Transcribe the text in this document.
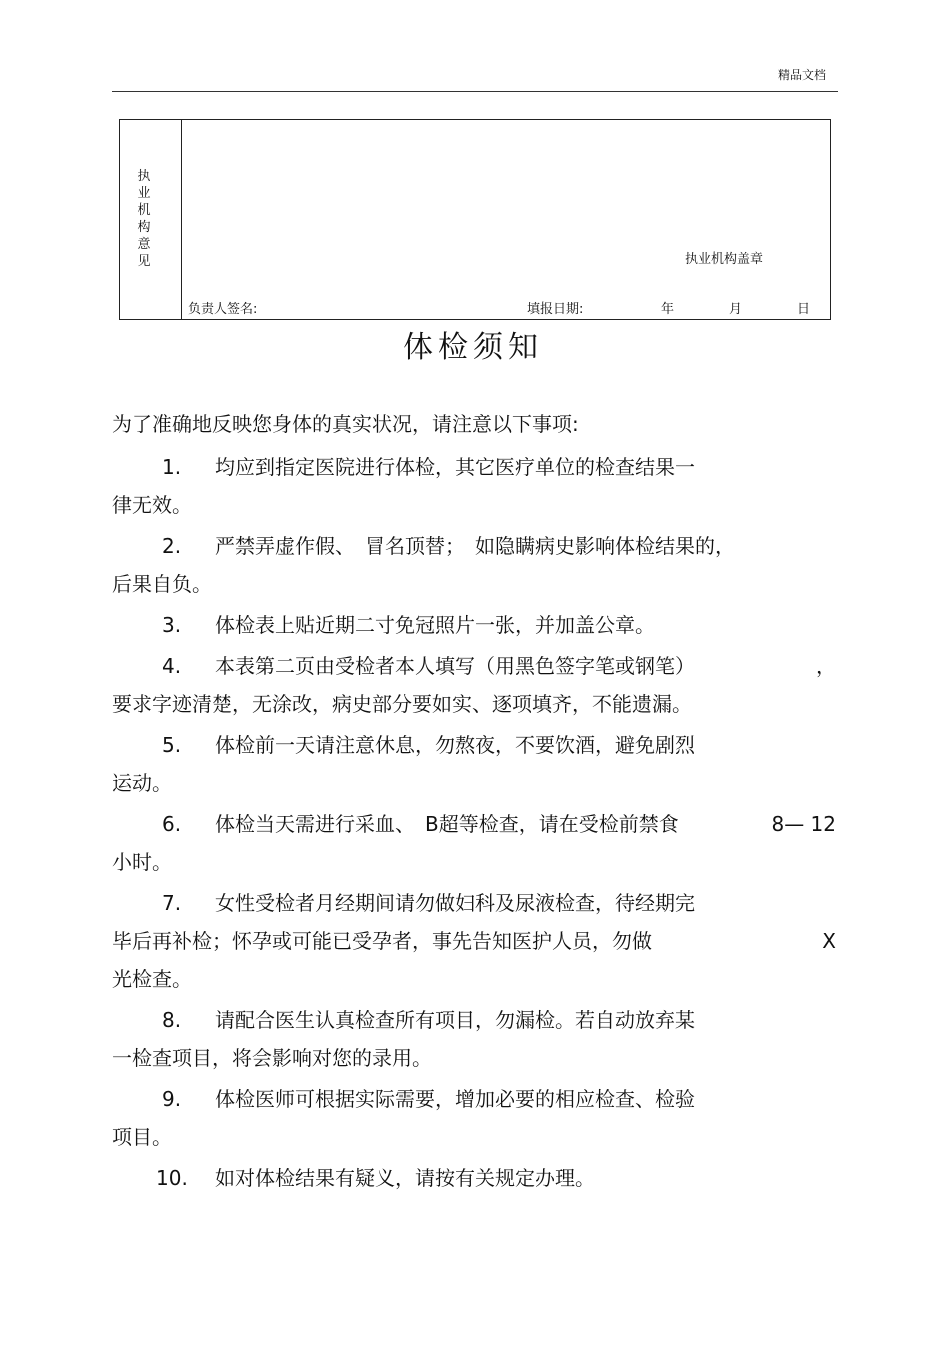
精品文档
执
业
机
构
意
见	执业机构盖章
负责人签名:	填报日期:	年	月	日
体检须知
为了准确地反映您身体的真实状况，请注意以下事项:
1. 均应到指定医院进行体检，其它医疗单位的检查结果一
律无效。
2. 严禁弄虚作假、　冒名顶替；　如隐瞒病史影响体检结果的，
后果自负。
3. 体检表上贴近期二寸免冠照片一张，并加盖公章。
4. 本表第二页由受检者本人填写（用黑色签字笔或钢笔）	，
要求字迹清楚，无涂改，病史部分要如实、逐项填齐，不能遗漏。
5. 体检前一天请注意休息，勿熬夜，不要饮酒，避免剧烈
运动。
6. 体检当天需进行采血、　B超等检查，请在受检前禁食	8— 12
小时。
7. 女性受检者月经期间请勿做妇科及尿液检查，待经期完
毕后再补检；怀孕或可能已受孕者，事先告知医护人员，勿做	X
光检查。
8. 请配合医生认真检查所有项目，勿漏检。若自动放弃某
一检查项目，将会影响对您的录用。
9. 体检医师可根据实际需要，增加必要的相应检查、检验
项目。
10. 如对体检结果有疑义，请按有关规定办理。
